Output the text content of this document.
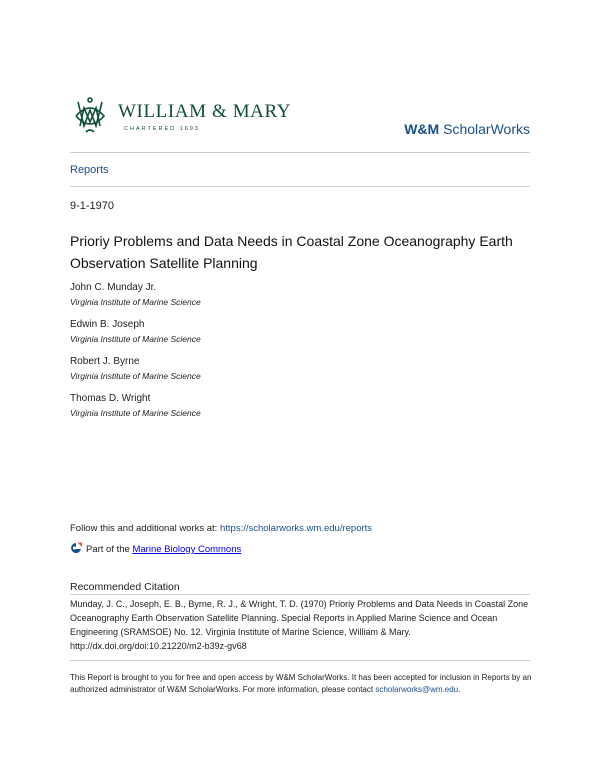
WILLIAM & MARY
CHARTERED 1693	W&M ScholarWorks
Reports
9-1-1970
Prioriy Problems and Data Needs in Coastal Zone Oceanography Earth Observation Satellite Planning
John C. Munday Jr.
Virginia Institute of Marine Science
Edwin B. Joseph
Virginia Institute of Marine Science
Robert J. Byrne
Virginia Institute of Marine Science
Thomas D. Wright
Virginia Institute of Marine Science
Follow this and additional works at: https://scholarworks.wm.edu/reports
Part of the Marine Biology Commons
Recommended Citation
Munday, J. C., Joseph, E. B., Byrne, R. J., & Wright, T. D. (1970) Prioriy Problems and Data Needs in Coastal Zone Oceanography Earth Observation Satellite Planning. Special Reports in Applied Marine Science and Ocean Engineering (SRAMSOE) No. 12. Virginia Institute of Marine Science, William & Mary. http://dx.doi.org/doi:10.21220/m2-b39z-gv68
This Report is brought to you for free and open access by W&M ScholarWorks. It has been accepted for inclusion in Reports by an authorized administrator of W&M ScholarWorks. For more information, please contact scholarworks@wm.edu.
